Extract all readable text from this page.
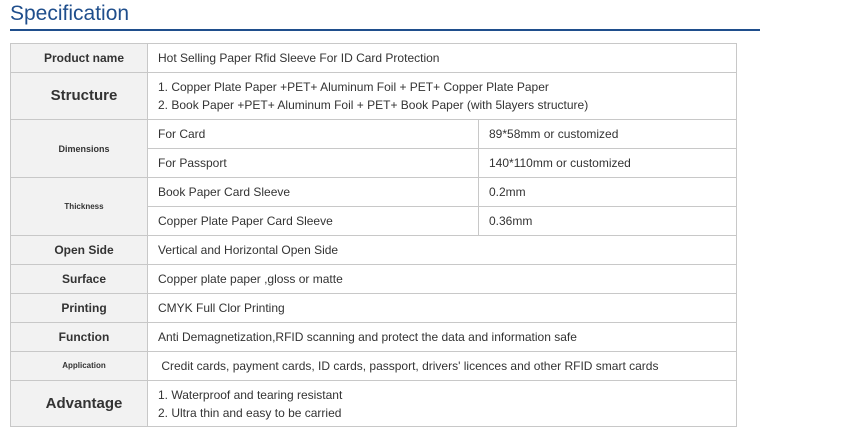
Specification
Product name	Hot Selling Paper Rfid Sleeve For ID Card Protection	
Structure	1. Copper Plate Paper +PET+ Aluminum Foil + PET+ Copper Plate Paper
2. Book Paper +PET+ Aluminum Foil + PET+ Book Paper (with 5layers structure)	

Dimensions	For Card	89*58mm or customized
	For Passport	140*110mm or customized
Thickness	Book Paper Card Sleeve	0.2mm
	Copper Plate Paper Card Sleeve	0.36mm
Open Side	Vertical and Horizontal Open Side	
Surface	Copper plate paper ,gloss or matte	
Printing	CMYK Full Clor Printing	
Function	Anti Demagnetization,RFID scanning and protect the data and information safe	
Application	Credit cards, payment cards, ID cards, passport, drivers' licences and other RFID smart cards	
Advantage	1. Waterproof and tearing resistant
2. Ultra thin and easy to be carried	
